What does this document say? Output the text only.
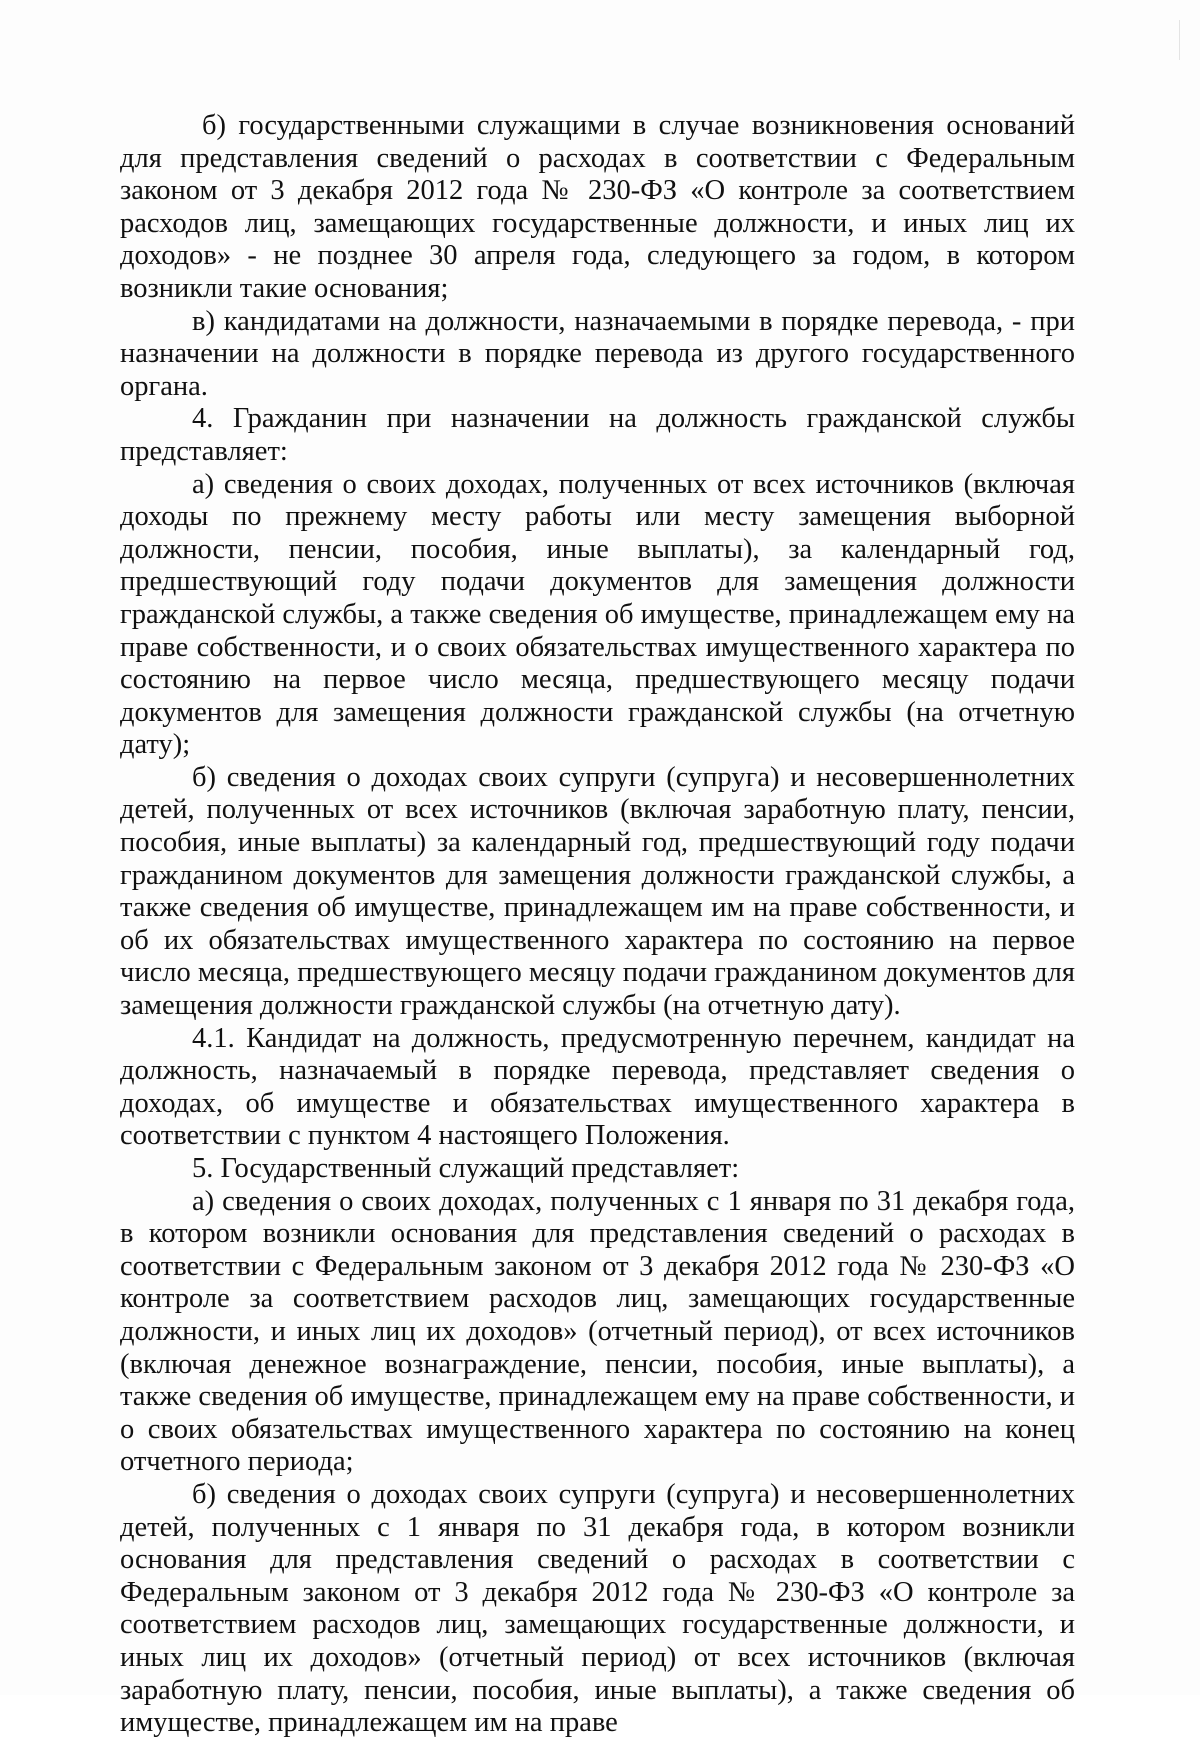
б) государственными служащими в случае возникновения оснований для представления сведений о расходах в соответствии с Федеральным законом от 3 декабря 2012 года № 230-ФЗ «О контроле за соответствием расходов лиц, замещающих государственные должности, и иных лиц их доходов» - не позднее 30 апреля года, следующего за годом, в котором возникли такие основания;

в) кандидатами на должности, назначаемыми в порядке перевода, - при назначении на должности в порядке перевода из другого государственного органа.

4. Гражданин при назначении на должность гражданской службы представляет:

а) сведения о своих доходах, полученных от всех источников (включая доходы по прежнему месту работы или месту замещения выборной должности, пенсии, пособия, иные выплаты), за календарный год, предшествующий году подачи документов для замещения должности гражданской службы, а также сведения об имуществе, принадлежащем ему на праве собственности, и о своих обязательствах имущественного характера по состоянию на первое число месяца, предшествующего месяцу подачи документов для замещения должности гражданской службы (на отчетную дату);

б) сведения о доходах своих супруги (супруга) и несовершеннолетних детей, полученных от всех источников (включая заработную плату, пенсии, пособия, иные выплаты) за календарный год, предшествующий году подачи гражданином документов для замещения должности гражданской службы, а также сведения об имуществе, принадлежащем им на праве собственности, и об их обязательствах имущественного характера по состоянию на первое число месяца, предшествующего месяцу подачи гражданином документов для замещения должности гражданской службы (на отчетную дату).

4.1. Кандидат на должность, предусмотренную перечнем, кандидат на должность, назначаемый в порядке перевода, представляет сведения о доходах, об имуществе и обязательствах имущественного характера в соответствии с пунктом 4 настоящего Положения.

5. Государственный служащий представляет:

а) сведения о своих доходах, полученных с 1 января по 31 декабря года, в котором возникли основания для представления сведений о расходах в соответствии с Федеральным законом от 3 декабря 2012 года № 230-ФЗ «О контроле за соответствием расходов лиц, замещающих государственные должности, и иных лиц их доходов» (отчетный период), от всех источников (включая денежное вознаграждение, пенсии, пособия, иные выплаты), а также сведения об имуществе, принадлежащем ему на праве собственности, и о своих обязательствах имущественного характера по состоянию на конец отчетного периода;

б) сведения о доходах своих супруги (супруга) и несовершеннолетних детей, полученных с 1 января по 31 декабря года, в котором возникли основания для представления сведений о расходах в соответствии с Федеральным законом от 3 декабря 2012 года № 230-ФЗ «О контроле за соответствием расходов лиц, замещающих государственные должности, и иных лиц их доходов» (отчетный период) от всех источников (включая заработную плату, пенсии, пособия, иные выплаты), а также сведения об имуществе, принадлежащем им на праве
